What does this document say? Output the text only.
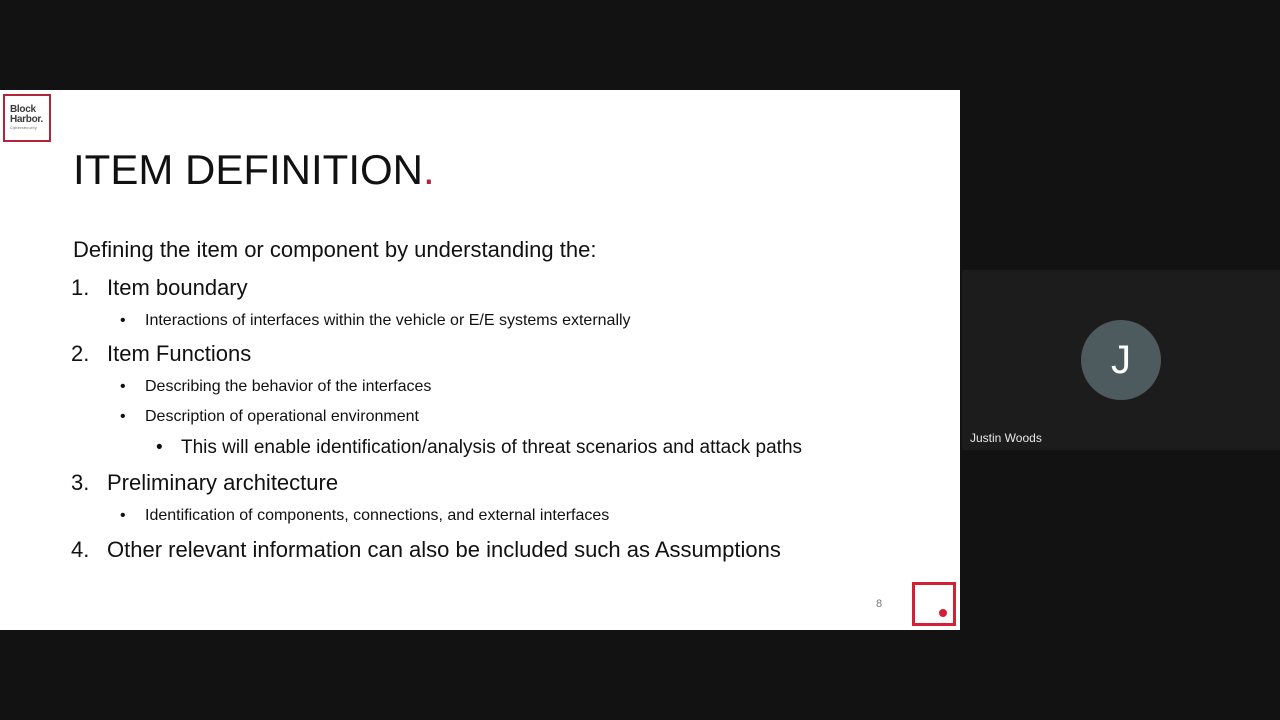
Block
Harbor.
Cybersecurity
ITEM DEFINITION.
Defining the item or component by understanding the:
1. Item boundary
• Interactions of interfaces within the vehicle or E/E systems externally
2. Item Functions
• Describing the behavior of the interfaces
• Description of operational environment
• This will enable identification/analysis of threat scenarios and attack paths
3. Preliminary architecture
• Identification of components, connections, and external interfaces
4. Other relevant information can also be included such as Assumptions
8
J
Justin Woods
